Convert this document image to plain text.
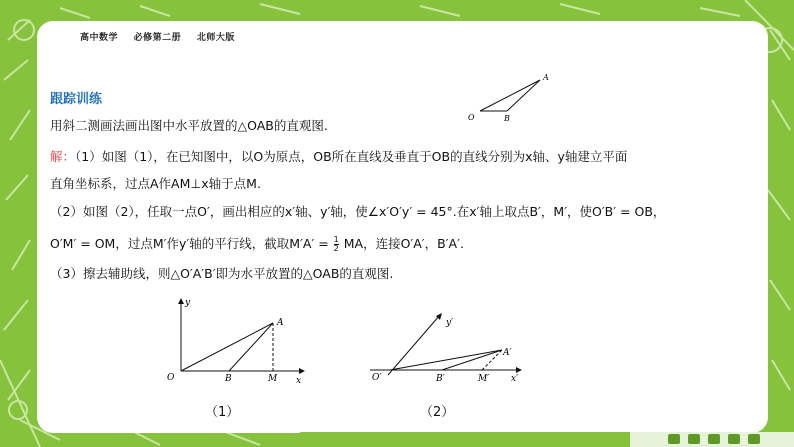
高中数学 必修第二册 北师大版
跟踪训练
O	B
A
用斜二测画法画出图中水平放置的△OAB的直观图.
解：（1）如图（1），在已知图中，以O为原点，OB所在直线及垂直于OB的直线分别为x轴、y轴建立平面
直角坐标系，过点A作AM⊥x轴于点M.
（2）如图（2），任取一点O′，画出相应的x′轴、y′轴，使∠x′O′y′ = 45°.在x′轴上取点B′，M′，使O′B′ = OB，
O′M′ = OM，过点M′作y′轴的平行线，截取$M'A' = \frac{1}{2}$ MA，连接O′A′，B′A′.
（3）擦去辅助线，则△O′A′B′即为水平放置的△OAB的直观图.
O	B	M
A
x
y
（1）
O′	B′	M′
A′
x′
y′
（2）
